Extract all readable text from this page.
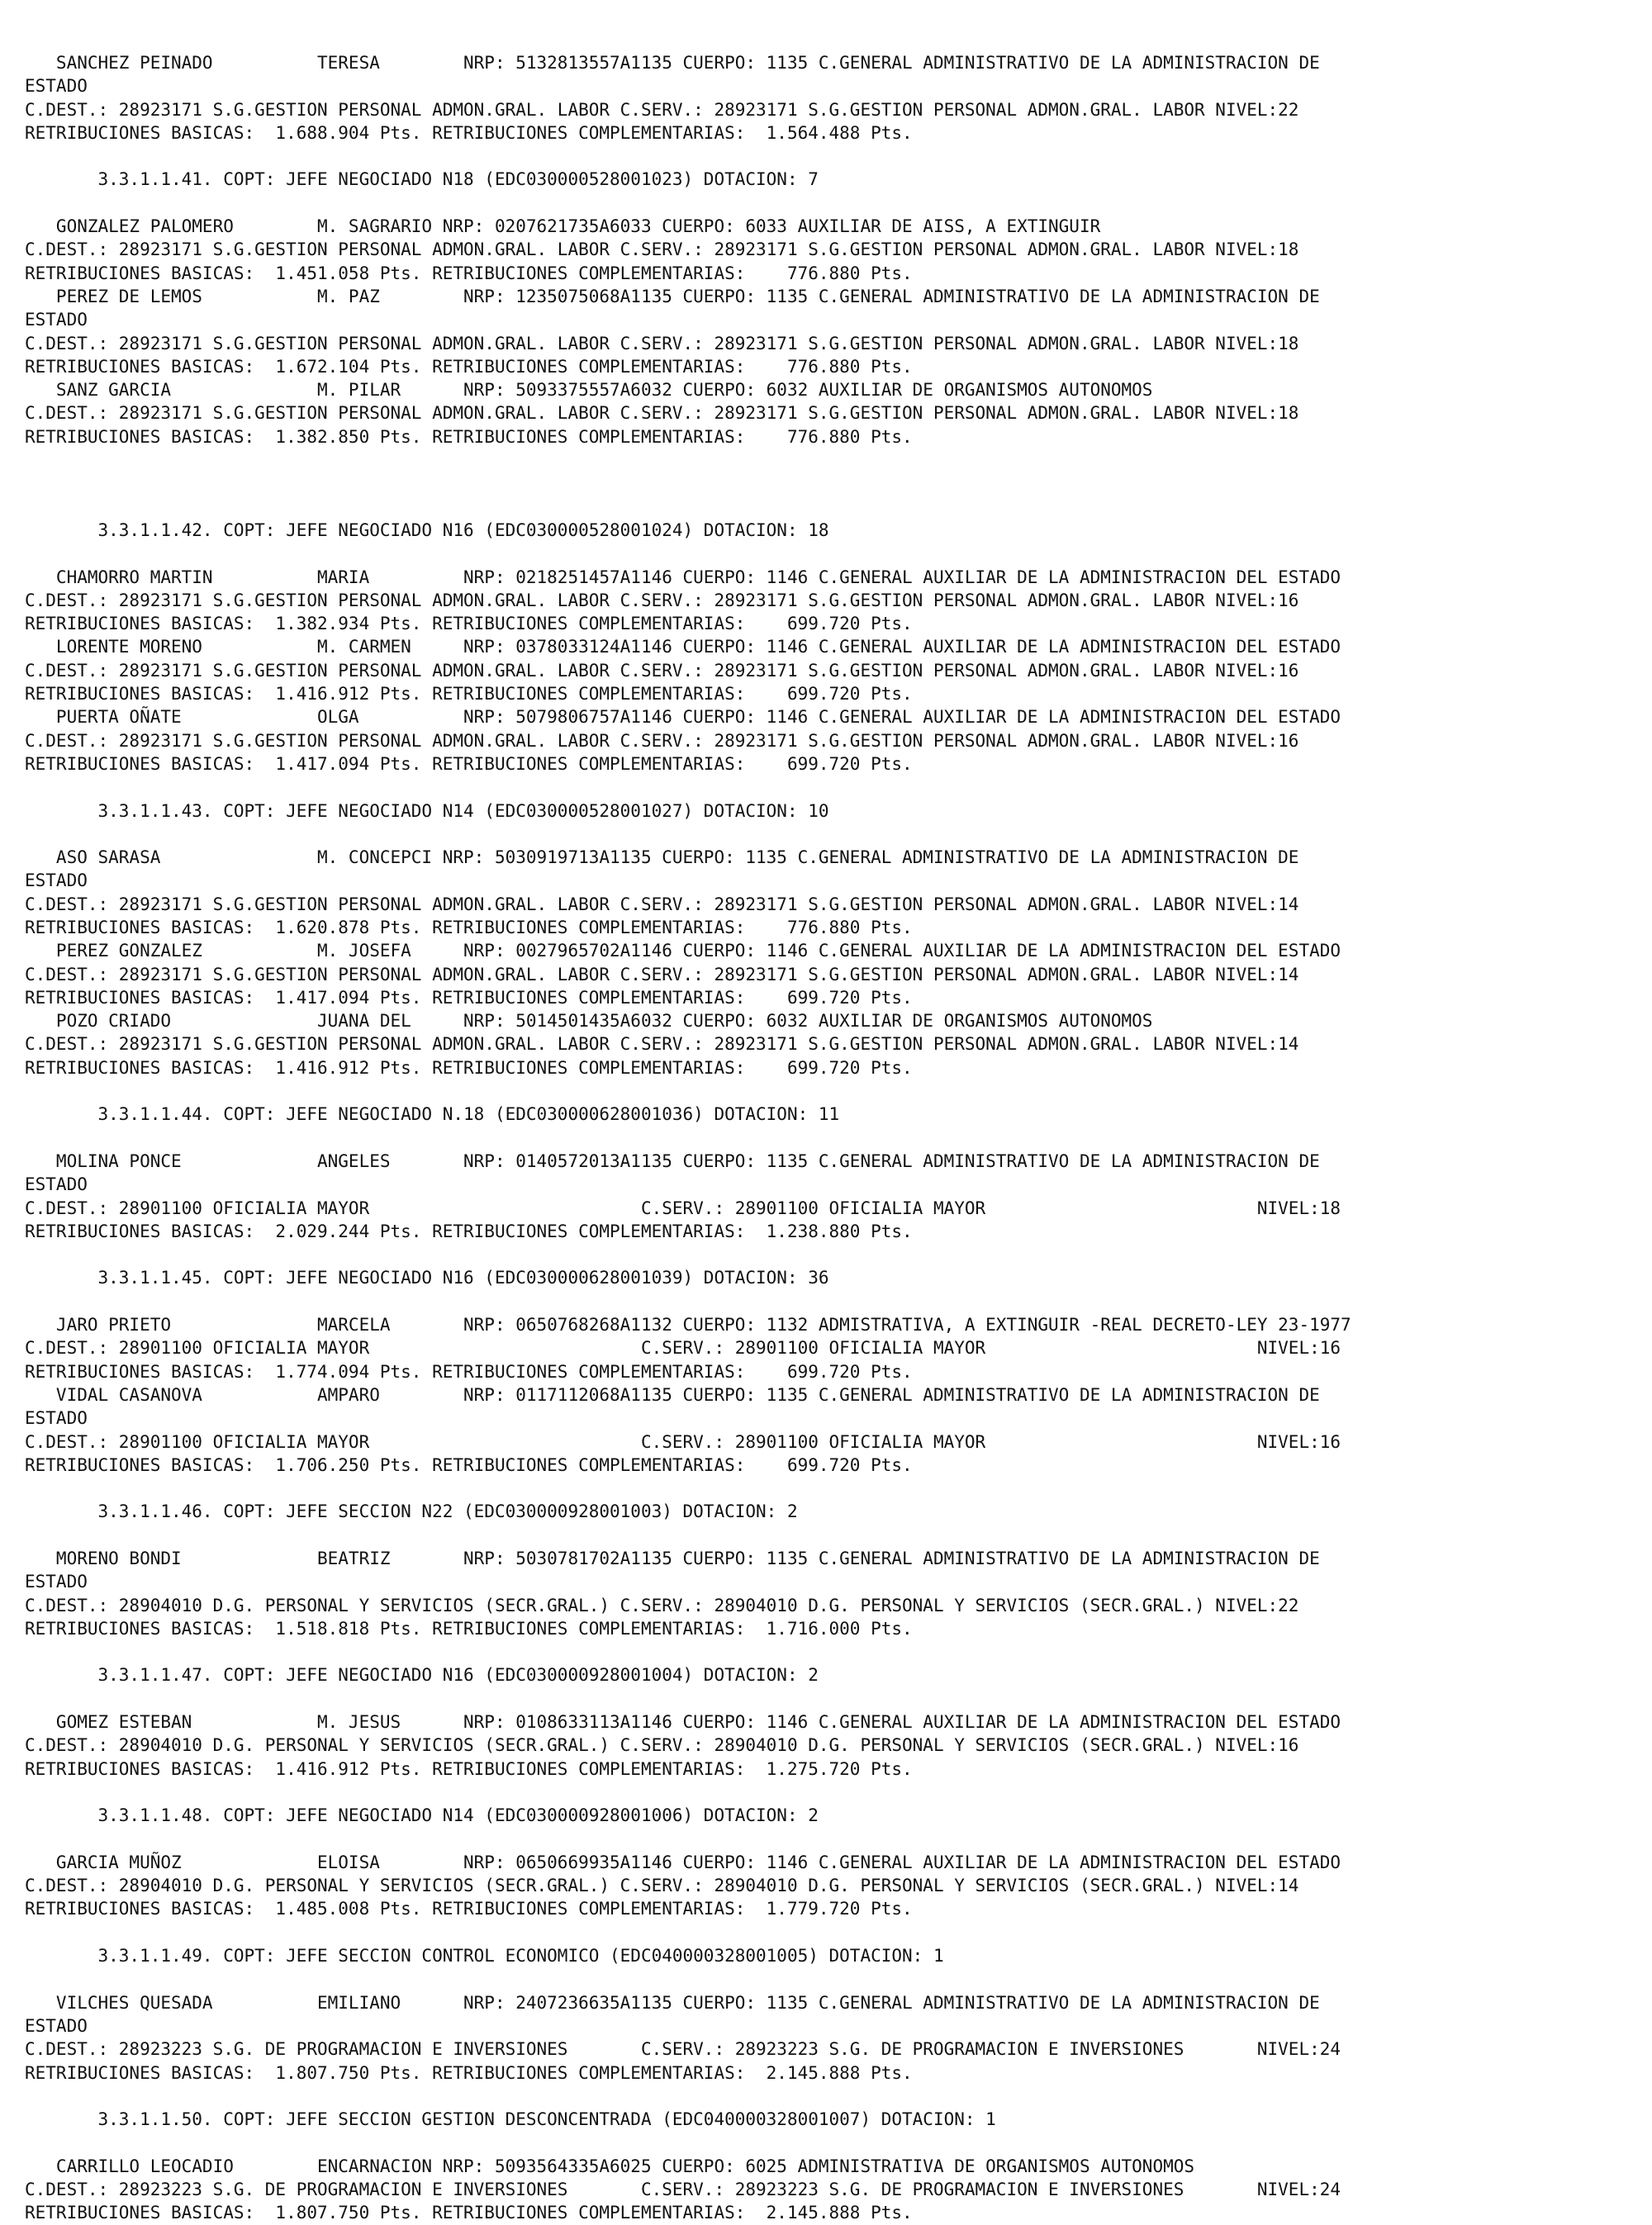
SANCHEZ PEINADO          TERESA        NRP: 5132813557A1135 CUERPO: 1135 C.GENERAL ADMINISTRATIVO DE LA ADMINISTRACION DE
ESTADO
C.DEST.: 28923171 S.G.GESTION PERSONAL ADMON.GRAL. LABOR C.SERV.: 28923171 S.G.GESTION PERSONAL ADMON.GRAL. LABOR NIVEL:22
RETRIBUCIONES BASICAS:  1.688.904 Pts. RETRIBUCIONES COMPLEMENTARIAS:  1.564.488 Pts.
3.3.1.1.41. COPT: JEFE NEGOCIADO N18 (EDC030000528001023) DOTACION: 7
GONZALEZ PALOMERO        M. SAGRARIO NRP: 0207621735A6033 CUERPO: 6033 AUXILIAR DE AISS, A EXTINGUIR
C.DEST.: 28923171 S.G.GESTION PERSONAL ADMON.GRAL. LABOR C.SERV.: 28923171 S.G.GESTION PERSONAL ADMON.GRAL. LABOR NIVEL:18
RETRIBUCIONES BASICAS:  1.451.058 Pts. RETRIBUCIONES COMPLEMENTARIAS:    776.880 Pts.
PEREZ DE LEMOS           M. PAZ        NRP: 1235075068A1135 CUERPO: 1135 C.GENERAL ADMINISTRATIVO DE LA ADMINISTRACION DE
ESTADO
C.DEST.: 28923171 S.G.GESTION PERSONAL ADMON.GRAL. LABOR C.SERV.: 28923171 S.G.GESTION PERSONAL ADMON.GRAL. LABOR NIVEL:18
RETRIBUCIONES BASICAS:  1.672.104 Pts. RETRIBUCIONES COMPLEMENTARIAS:    776.880 Pts.
SANZ GARCIA              M. PILAR      NRP: 5093375557A6032 CUERPO: 6032 AUXILIAR DE ORGANISMOS AUTONOMOS
C.DEST.: 28923171 S.G.GESTION PERSONAL ADMON.GRAL. LABOR C.SERV.: 28923171 S.G.GESTION PERSONAL ADMON.GRAL. LABOR NIVEL:18
RETRIBUCIONES BASICAS:  1.382.850 Pts. RETRIBUCIONES COMPLEMENTARIAS:    776.880 Pts.
3.3.1.1.42. COPT: JEFE NEGOCIADO N16 (EDC030000528001024) DOTACION: 18
CHAMORRO MARTIN          MARIA         NRP: 0218251457A1146 CUERPO: 1146 C.GENERAL AUXILIAR DE LA ADMINISTRACION DEL ESTADO
C.DEST.: 28923171 S.G.GESTION PERSONAL ADMON.GRAL. LABOR C.SERV.: 28923171 S.G.GESTION PERSONAL ADMON.GRAL. LABOR NIVEL:16
RETRIBUCIONES BASICAS:  1.382.934 Pts. RETRIBUCIONES COMPLEMENTARIAS:    699.720 Pts.
LORENTE MORENO           M. CARMEN     NRP: 0378033124A1146 CUERPO: 1146 C.GENERAL AUXILIAR DE LA ADMINISTRACION DEL ESTADO
C.DEST.: 28923171 S.G.GESTION PERSONAL ADMON.GRAL. LABOR C.SERV.: 28923171 S.G.GESTION PERSONAL ADMON.GRAL. LABOR NIVEL:16
RETRIBUCIONES BASICAS:  1.416.912 Pts. RETRIBUCIONES COMPLEMENTARIAS:    699.720 Pts.
PUERTA OÑATE             OLGA          NRP: 5079806757A1146 CUERPO: 1146 C.GENERAL AUXILIAR DE LA ADMINISTRACION DEL ESTADO
C.DEST.: 28923171 S.G.GESTION PERSONAL ADMON.GRAL. LABOR C.SERV.: 28923171 S.G.GESTION PERSONAL ADMON.GRAL. LABOR NIVEL:16
RETRIBUCIONES BASICAS:  1.417.094 Pts. RETRIBUCIONES COMPLEMENTARIAS:    699.720 Pts.
3.3.1.1.43. COPT: JEFE NEGOCIADO N14 (EDC030000528001027) DOTACION: 10
ASO SARASA               M. CONCEPCI NRP: 5030919713A1135 CUERPO: 1135 C.GENERAL ADMINISTRATIVO DE LA ADMINISTRACION DE
ESTADO
C.DEST.: 28923171 S.G.GESTION PERSONAL ADMON.GRAL. LABOR C.SERV.: 28923171 S.G.GESTION PERSONAL ADMON.GRAL. LABOR NIVEL:14
RETRIBUCIONES BASICAS:  1.620.878 Pts. RETRIBUCIONES COMPLEMENTARIAS:    776.880 Pts.
PEREZ GONZALEZ           M. JOSEFA     NRP: 0027965702A1146 CUERPO: 1146 C.GENERAL AUXILIAR DE LA ADMINISTRACION DEL ESTADO
C.DEST.: 28923171 S.G.GESTION PERSONAL ADMON.GRAL. LABOR C.SERV.: 28923171 S.G.GESTION PERSONAL ADMON.GRAL. LABOR NIVEL:14
RETRIBUCIONES BASICAS:  1.417.094 Pts. RETRIBUCIONES COMPLEMENTARIAS:    699.720 Pts.
POZO CRIADO              JUANA DEL     NRP: 5014501435A6032 CUERPO: 6032 AUXILIAR DE ORGANISMOS AUTONOMOS
C.DEST.: 28923171 S.G.GESTION PERSONAL ADMON.GRAL. LABOR C.SERV.: 28923171 S.G.GESTION PERSONAL ADMON.GRAL. LABOR NIVEL:14
RETRIBUCIONES BASICAS:  1.416.912 Pts. RETRIBUCIONES COMPLEMENTARIAS:    699.720 Pts.
3.3.1.1.44. COPT: JEFE NEGOCIADO N.18 (EDC030000628001036) DOTACION: 11
MOLINA PONCE             ANGELES       NRP: 0140572013A1135 CUERPO: 1135 C.GENERAL ADMINISTRATIVO DE LA ADMINISTRACION DE
ESTADO
C.DEST.: 28901100 OFICIALIA MAYOR                          C.SERV.: 28901100 OFICIALIA MAYOR                          NIVEL:18
RETRIBUCIONES BASICAS:  2.029.244 Pts. RETRIBUCIONES COMPLEMENTARIAS:  1.238.880 Pts.
3.3.1.1.45. COPT: JEFE NEGOCIADO N16 (EDC030000628001039) DOTACION: 36
JARO PRIETO              MARCELA       NRP: 0650768268A1132 CUERPO: 1132 ADMISTRATIVA, A EXTINGUIR -REAL DECRETO-LEY 23-1977
C.DEST.: 28901100 OFICIALIA MAYOR                          C.SERV.: 28901100 OFICIALIA MAYOR                          NIVEL:16
RETRIBUCIONES BASICAS:  1.774.094 Pts. RETRIBUCIONES COMPLEMENTARIAS:    699.720 Pts.
VIDAL CASANOVA           AMPARO        NRP: 0117112068A1135 CUERPO: 1135 C.GENERAL ADMINISTRATIVO DE LA ADMINISTRACION DE
ESTADO
C.DEST.: 28901100 OFICIALIA MAYOR                          C.SERV.: 28901100 OFICIALIA MAYOR                          NIVEL:16
RETRIBUCIONES BASICAS:  1.706.250 Pts. RETRIBUCIONES COMPLEMENTARIAS:    699.720 Pts.
3.3.1.1.46. COPT: JEFE SECCION N22 (EDC030000928001003) DOTACION: 2
MORENO BONDI             BEATRIZ       NRP: 5030781702A1135 CUERPO: 1135 C.GENERAL ADMINISTRATIVO DE LA ADMINISTRACION DE
ESTADO
C.DEST.: 28904010 D.G. PERSONAL Y SERVICIOS (SECR.GRAL.) C.SERV.: 28904010 D.G. PERSONAL Y SERVICIOS (SECR.GRAL.) NIVEL:22
RETRIBUCIONES BASICAS:  1.518.818 Pts. RETRIBUCIONES COMPLEMENTARIAS:  1.716.000 Pts.
3.3.1.1.47. COPT: JEFE NEGOCIADO N16 (EDC030000928001004) DOTACION: 2
GOMEZ ESTEBAN            M. JESUS      NRP: 0108633113A1146 CUERPO: 1146 C.GENERAL AUXILIAR DE LA ADMINISTRACION DEL ESTADO
C.DEST.: 28904010 D.G. PERSONAL Y SERVICIOS (SECR.GRAL.) C.SERV.: 28904010 D.G. PERSONAL Y SERVICIOS (SECR.GRAL.) NIVEL:16
RETRIBUCIONES BASICAS:  1.416.912 Pts. RETRIBUCIONES COMPLEMENTARIAS:  1.275.720 Pts.
3.3.1.1.48. COPT: JEFE NEGOCIADO N14 (EDC030000928001006) DOTACION: 2
GARCIA MUÑOZ             ELOISA        NRP: 0650669935A1146 CUERPO: 1146 C.GENERAL AUXILIAR DE LA ADMINISTRACION DEL ESTADO
C.DEST.: 28904010 D.G. PERSONAL Y SERVICIOS (SECR.GRAL.) C.SERV.: 28904010 D.G. PERSONAL Y SERVICIOS (SECR.GRAL.) NIVEL:14
RETRIBUCIONES BASICAS:  1.485.008 Pts. RETRIBUCIONES COMPLEMENTARIAS:  1.779.720 Pts.
3.3.1.1.49. COPT: JEFE SECCION CONTROL ECONOMICO (EDC040000328001005) DOTACION: 1
VILCHES QUESADA          EMILIANO      NRP: 2407236635A1135 CUERPO: 1135 C.GENERAL ADMINISTRATIVO DE LA ADMINISTRACION DE
ESTADO
C.DEST.: 28923223 S.G. DE PROGRAMACION E INVERSIONES       C.SERV.: 28923223 S.G. DE PROGRAMACION E INVERSIONES       NIVEL:24
RETRIBUCIONES BASICAS:  1.807.750 Pts. RETRIBUCIONES COMPLEMENTARIAS:  2.145.888 Pts.
3.3.1.1.50. COPT: JEFE SECCION GESTION DESCONCENTRADA (EDC040000328001007) DOTACION: 1
CARRILLO LEOCADIO        ENCARNACION NRP: 5093564335A6025 CUERPO: 6025 ADMINISTRATIVA DE ORGANISMOS AUTONOMOS
C.DEST.: 28923223 S.G. DE PROGRAMACION E INVERSIONES       C.SERV.: 28923223 S.G. DE PROGRAMACION E INVERSIONES       NIVEL:24
RETRIBUCIONES BASICAS:  1.807.750 Pts. RETRIBUCIONES COMPLEMENTARIAS:  2.145.888 Pts.
